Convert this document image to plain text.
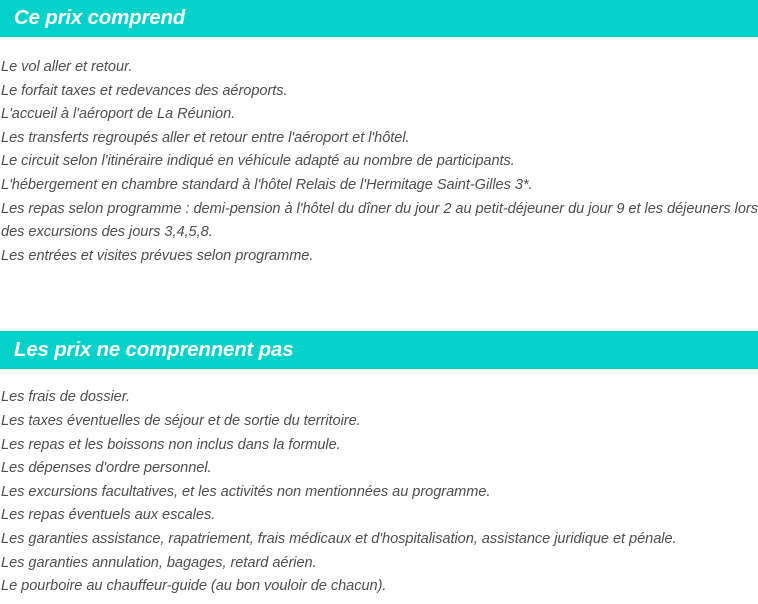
Ce prix comprend
Le vol aller et retour.
Le forfait taxes et redevances des aéroports.
L'accueil à l'aéroport de La Réunion.
Les transferts regroupés aller et retour entre l'aéroport et l'hôtel.
Le circuit selon l'itinéraire indiqué en véhicule adapté au nombre de participants.
L'hébergement en chambre standard à l'hôtel Relais de l'Hermitage Saint-Gilles 3*.
Les repas selon programme : demi-pension à l'hôtel du dîner du jour 2 au petit-déjeuner du jour 9 et les déjeuners lors des excursions des jours 3,4,5,8.
Les entrées et visites prévues selon programme.
Les prix ne comprennent pas
Les frais de dossier.
Les taxes éventuelles de séjour et de sortie du territoire.
Les repas et les boissons non inclus dans la formule.
Les dépenses d'ordre personnel.
Les excursions facultatives, et les activités non mentionnées au programme.
Les repas éventuels aux escales.
Les garanties assistance, rapatriement, frais médicaux et d'hospitalisation, assistance juridique et pénale.
Les garanties annulation, bagages, retard aérien.
Le pourboire au chauffeur-guide (au bon vouloir de chacun).
